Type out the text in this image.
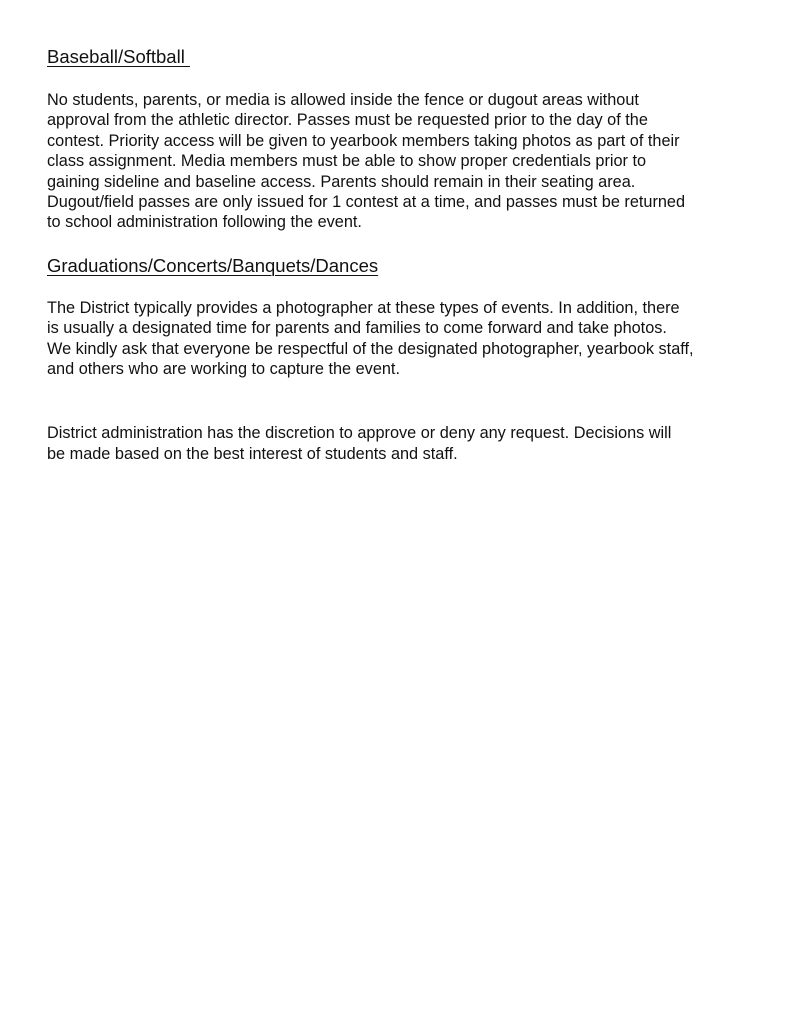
Baseball/Softball

No students, parents, or media is allowed inside the fence or dugout areas without
approval from the athletic director. Passes must be requested prior to the day of the
contest. Priority access will be given to yearbook members taking photos as part of their
class assignment. Media members must be able to show proper credentials prior to
gaining sideline and baseline access. Parents should remain in their seating area.
Dugout/field passes are only issued for 1 contest at a time, and passes must be returned
to school administration following the event.

Graduations/Concerts/Banquets/Dances

The District typically provides a photographer at these types of events. In addition, there
is usually a designated time for parents and families to come forward and take photos.
We kindly ask that everyone be respectful of the designated photographer, yearbook staff,
and others who are working to capture the event.

District administration has the discretion to approve or deny any request. Decisions will
be made based on the best interest of students and staff.
